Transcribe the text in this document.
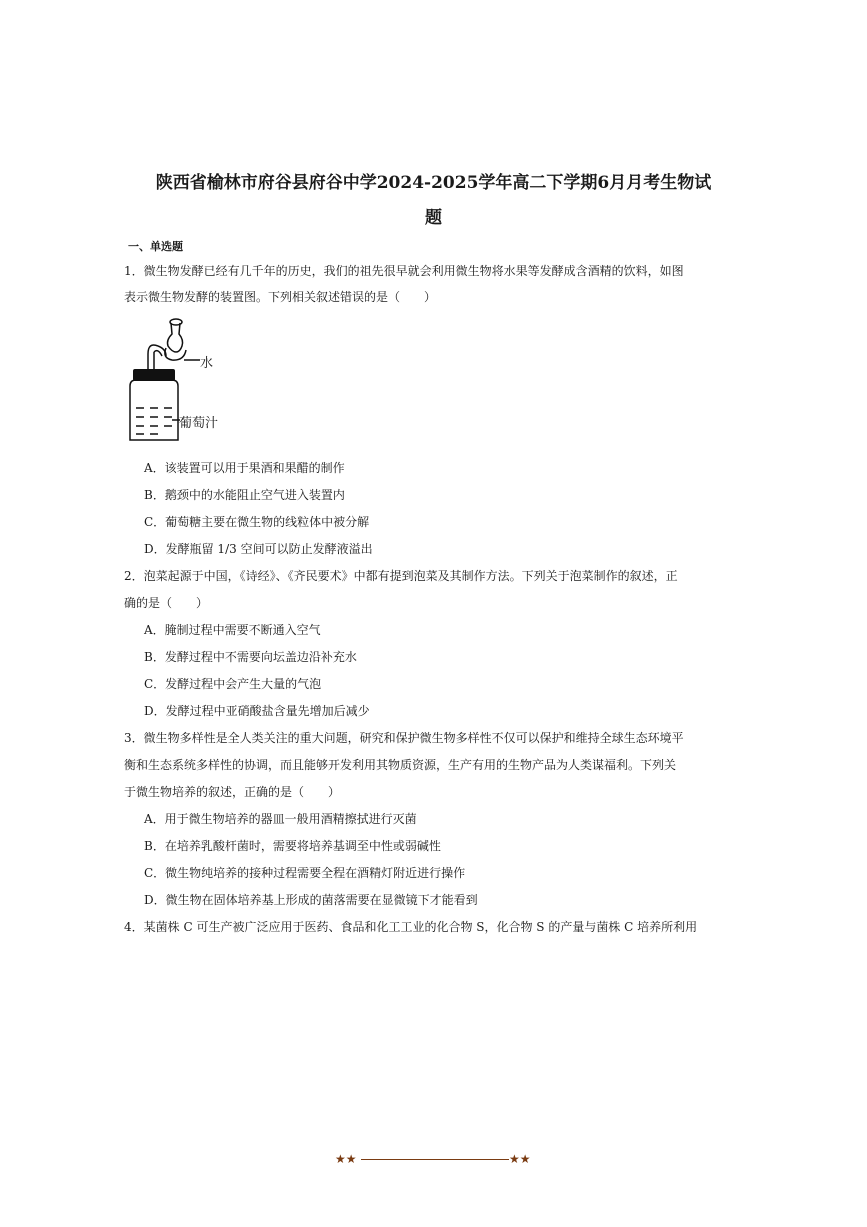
陕西省榆林市府谷县府谷中学2024-2025学年高二下学期6月月考生物试
题
一、单选题
1．微生物发酵已经有几千年的历史，我们的祖先很早就会利用微生物将水果等发酵成含酒精的饮料，如图
表示微生物发酵的装置图。下列相关叙述错误的是（　　）
水
葡萄汁
A．该装置可以用于果酒和果醋的制作
B．鹅颈中的水能阻止空气进入装置内
C．葡萄糖主要在微生物的线粒体中被分解
D．发酵瓶留 1/3 空间可以防止发酵液溢出
2．泡菜起源于中国，《诗经》、《齐民要术》中都有提到泡菜及其制作方法。下列关于泡菜制作的叙述，正
确的是（　　）
A．腌制过程中需要不断通入空气
B．发酵过程中不需要向坛盖边沿补充水
C．发酵过程中会产生大量的气泡
D．发酵过程中亚硝酸盐含量先增加后减少
3．微生物多样性是全人类关注的重大问题，研究和保护微生物多样性不仅可以保护和维持全球生态环境平
衡和生态系统多样性的协调，而且能够开发利用其物质资源，生产有用的生物产品为人类谋福利。下列关
于微生物培养的叙述，正确的是（　　）
A．用于微生物培养的器皿一般用酒精擦拭进行灭菌
B．在培养乳酸杆菌时，需要将培养基调至中性或弱碱性
C．微生物纯培养的接种过程需要全程在酒精灯附近进行操作
D．微生物在固体培养基上形成的菌落需要在显微镜下才能看到
4．某菌株 C 可生产被广泛应用于医药、食品和化工工业的化合物 S，化合物 S 的产量与菌株 C 培养所利用
★★	★★
